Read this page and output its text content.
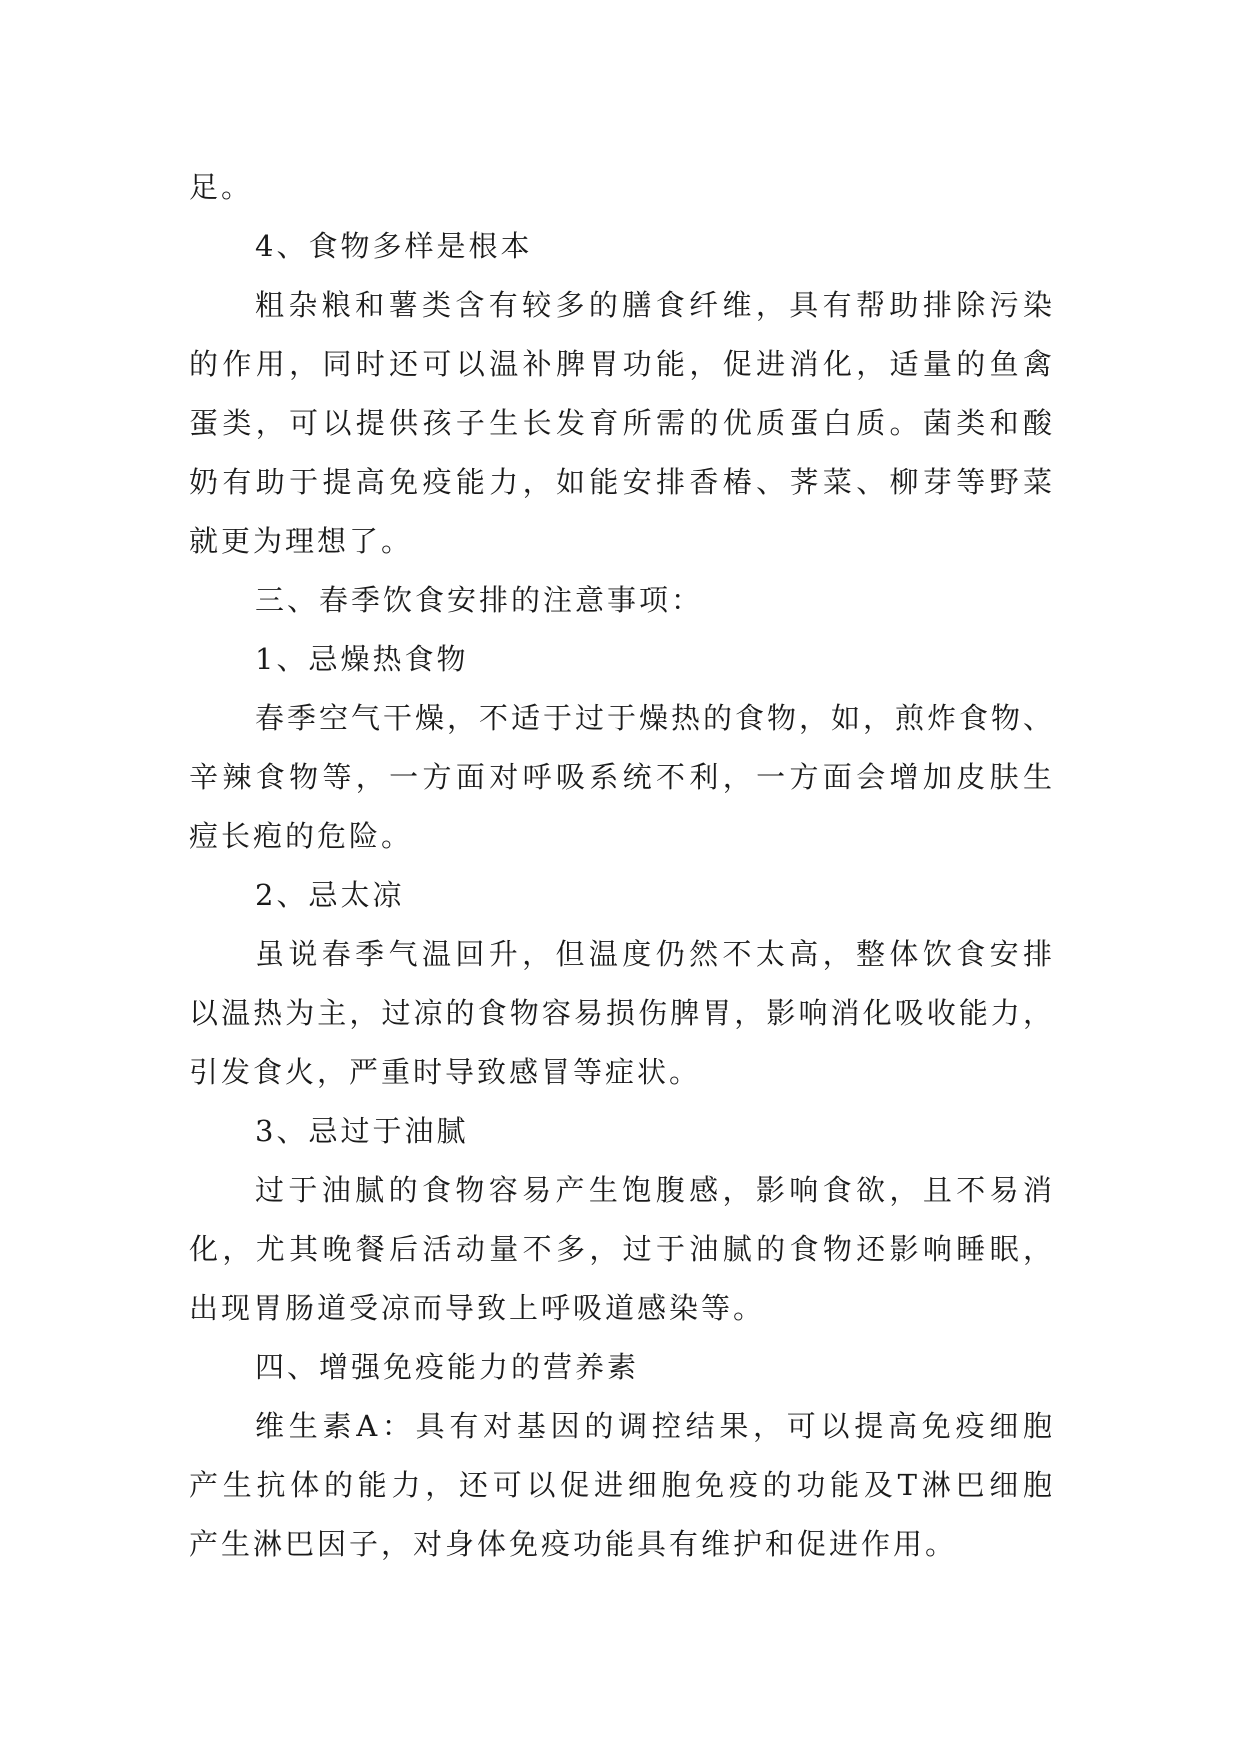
足。
4、食物多样是根本
粗杂粮和薯类含有较多的膳食纤维，具有帮助排除污染
的作用，同时还可以温补脾胃功能，促进消化，适量的鱼禽
蛋类，可以提供孩子生长发育所需的优质蛋白质。菌类和酸
奶有助于提高免疫能力，如能安排香椿、荠菜、柳芽等野菜
就更为理想了。
三、春季饮食安排的注意事项：
1、忌燥热食物
春季空气干燥，不适于过于燥热的食物，如，煎炸食物、
辛辣食物等，一方面对呼吸系统不利，一方面会增加皮肤生
痘长疱的危险。
2、忌太凉
虽说春季气温回升，但温度仍然不太高，整体饮食安排
以温热为主，过凉的食物容易损伤脾胃，影响消化吸收能力，
引发食火，严重时导致感冒等症状。
3、忌过于油腻
过于油腻的食物容易产生饱腹感，影响食欲，且不易消
化，尤其晚餐后活动量不多，过于油腻的食物还影响睡眠，
出现胃肠道受凉而导致上呼吸道感染等。
四、增强免疫能力的营养素
维生素A：具有对基因的调控结果，可以提高免疫细胞
产生抗体的能力，还可以促进细胞免疫的功能及T淋巴细胞
产生淋巴因子，对身体免疫功能具有维护和促进作用。
